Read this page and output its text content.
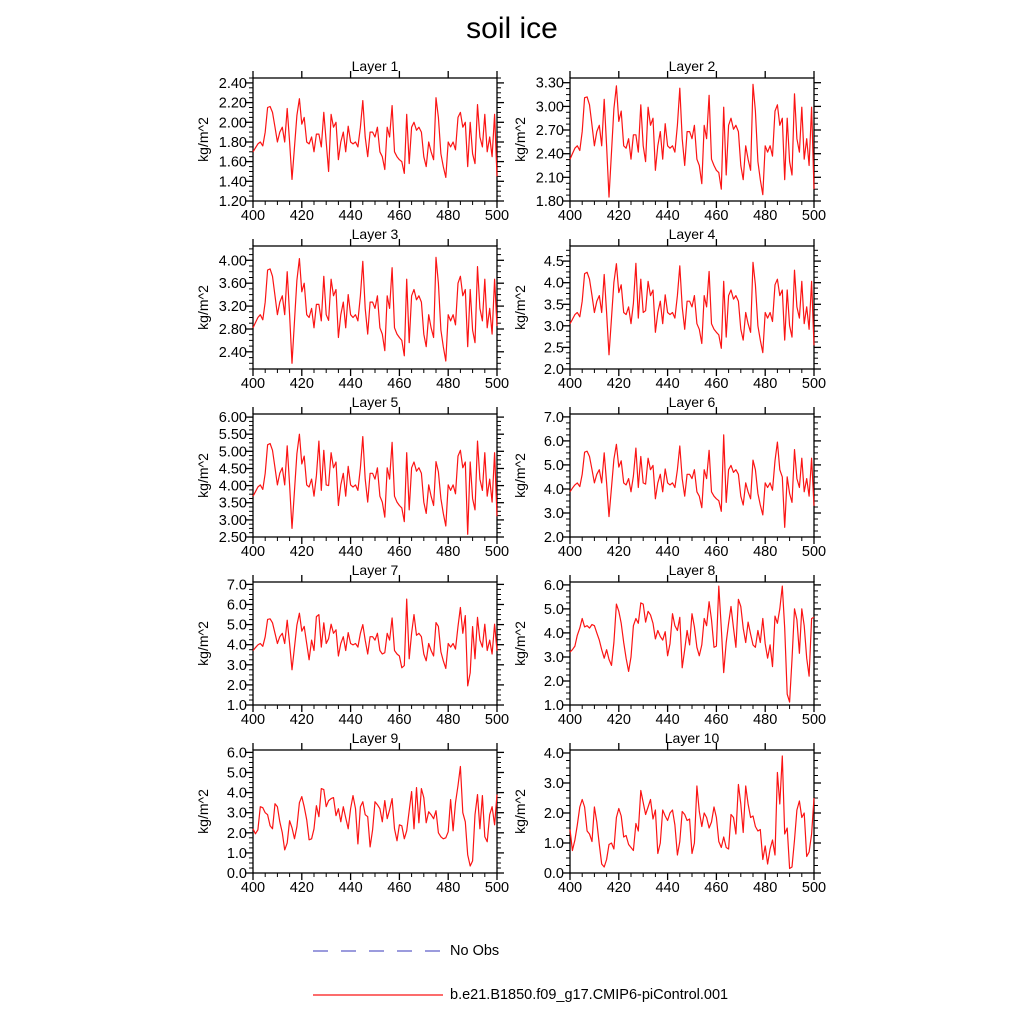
soil ice
400 420 440 460 480 500
1.20
1.40
1.60
1.80
2.00
2.20
2.40
Layer 1
kg/m^2
400 420 440 460 480 500
1.80
2.10
2.40
2.70
3.00
3.30
Layer 2
kg/m^2
400 420 440 460 480 500
2.40
2.80
3.20
3.60
4.00
Layer 3
kg/m^2
400 420 440 460 480 500
2.0
2.5
3.0
3.5
4.0
4.5
Layer 4
kg/m^2
400 420 440 460 480 500
2.50
3.00
3.50
4.00
4.50
5.00
5.50
6.00
Layer 5
kg/m^2
400 420 440 460 480 500
2.0
3.0
4.0
5.0
6.0
7.0
Layer 6
kg/m^2
400 420 440 460 480 500
1.0
2.0
3.0
4.0
5.0
6.0
7.0
Layer 7
kg/m^2
400 420 440 460 480 500
1.0
2.0
3.0
4.0
5.0
6.0
Layer 8
kg/m^2
400 420 440 460 480 500
0.0
1.0
2.0
3.0
4.0
5.0
6.0
Layer 9
kg/m^2
400 420 440 460 480 500
0.0
1.0
2.0
3.0
4.0
Layer 10
kg/m^2
No Obs
b.e21.B1850.f09_g17.CMIP6-piControl.001
